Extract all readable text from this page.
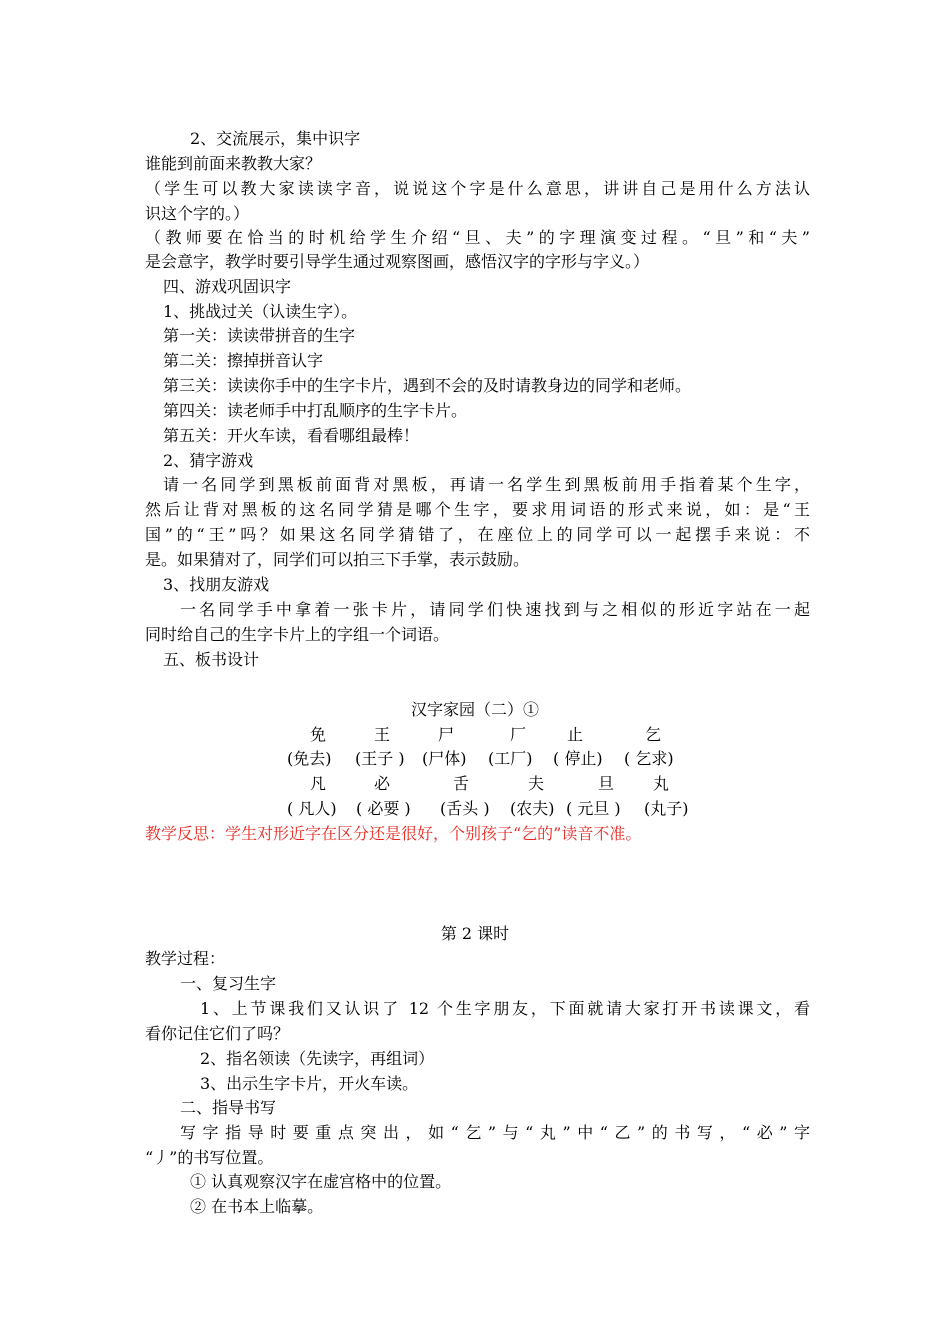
2、交流展示，集中识字
谁能到前面来教教大家？
（学生可以教大家读读字音，说说这个字是什么意思，讲讲自己是用什么方法认
识这个字的。）
（教师要在恰当的时机给学生介绍“旦、夫”的字理演变过程。“旦”和“夫”
是会意字，教学时要引导学生通过观察图画，感悟汉字的字形与字义。）
四、游戏巩固识字
1、挑战过关（认读生字）。
第一关：读读带拼音的生字
第二关：擦掉拼音认字
第三关：读读你手中的生字卡片，遇到不会的及时请教身边的同学和老师。
第四关：读老师手中打乱顺序的生字卡片。
第五关：开火车读，看看哪组最棒！
2、猜字游戏
请一名同学到黑板前面背对黑板，再请一名学生到黑板前用手指着某个生字，
然后让背对黑板的这名同学猜是哪个生字，要求用词语的形式来说，如：是“王
国”的“王”吗？如果这名同学猜错了，在座位上的同学可以一起摆手来说：不
是。如果猜对了，同学们可以拍三下手掌，表示鼓励。
3、找朋友游戏
一名同学手中拿着一张卡片，请同学们快速找到与之相似的形近字站在一起
同时给自己的生字卡片上的字组一个词语。
五、板书设计
汉字家园（二）①
免	王	尸	厂	止	乞
(免去) (王子 ) (尸体) (工厂) ( 停止) ( 乞求)
凡	必	舌	夫	旦 丸
( 凡人) ( 必要 ) (舌头 ) (农夫) ( 元旦 ) (丸子)
教学反思：学生对形近字在区分还是很好，个别孩子“乞的”读音不准。
第 2 课时
教学过程：
一、复习生字
1、上节课我们又认识了 12 个生字朋友，下面就请大家打开书读课文，看
看你记住它们了吗？
2、指名领读（先读字，再组词）
3、出示生字卡片，开火车读。
二、指导书写
写字指导时要重点突出，如“乞”与“丸”中“乙”的书写，“必”字
“丿”的书写位置。
① 认真观察汉字在虚宫格中的位置。
② 在书本上临摹。
